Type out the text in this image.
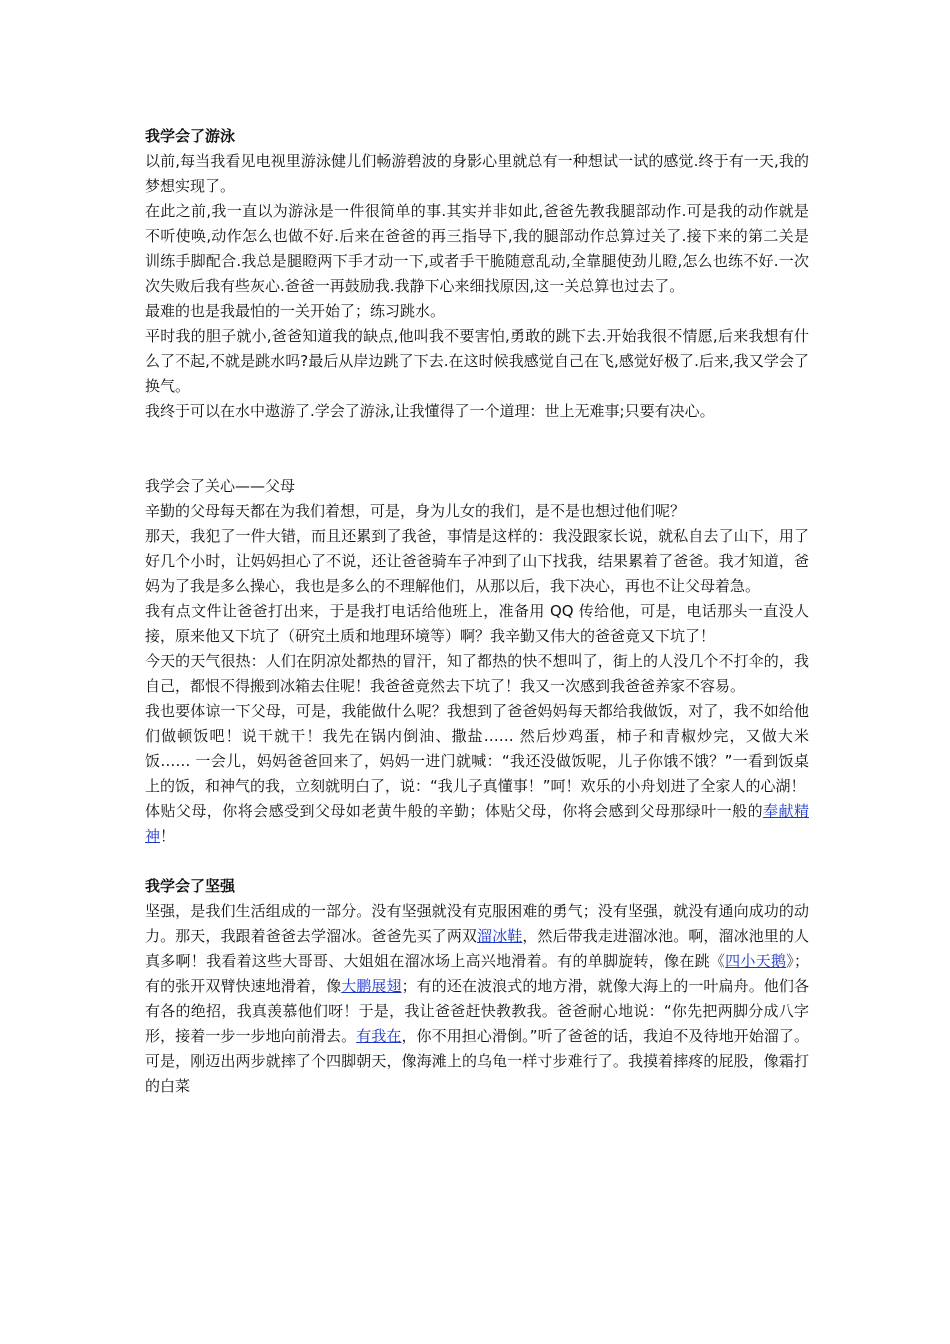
我学会了游泳

以前,每当我看见电视里游泳健儿们畅游碧波的身影心里就总有一种想试一试的感觉.终于有一天,我的梦想实现了。

在此之前,我一直以为游泳是一件很简单的事.其实并非如此,爸爸先教我腿部动作.可是我的动作就是不听使唤,动作怎么也做不好.后来在爸爸的再三指导下,我的腿部动作总算过关了.接下来的第二关是训练手脚配合.我总是腿瞪两下手才动一下,或者手干脆随意乱动,全靠腿使劲儿瞪,怎么也练不好.一次次失败后我有些灰心.爸爸一再鼓励我.我静下心来细找原因,这一关总算也过去了。

最难的也是我最怕的一关开始了；练习跳水。

平时我的胆子就小,爸爸知道我的缺点,他叫我不要害怕,勇敢的跳下去.开始我很不情愿,后来我想有什么了不起,不就是跳水吗?最后从岸边跳了下去.在这时候我感觉自己在飞,感觉好极了.后来,我又学会了换气。

我终于可以在水中遨游了.学会了游泳,让我懂得了一个道理：世上无难事;只要有决心。

我学会了关心——父母

辛勤的父母每天都在为我们着想，可是，身为儿女的我们，是不是也想过他们呢？

那天，我犯了一件大错，而且还累到了我爸，事情是这样的：我没跟家长说，就私自去了山下，用了好几个小时，让妈妈担心了不说，还让爸爸骑车子冲到了山下找我，结果累着了爸爸。我才知道，爸妈为了我是多么操心，我也是多么的不理解他们，从那以后，我下决心，再也不让父母着急。

我有点文件让爸爸打出来，于是我打电话给他班上，准备用 QQ 传给他，可是，电话那头一直没人接，原来他又下坑了（研究土质和地理环境等）啊？我辛勤又伟大的爸爸竟又下坑了！

今天的天气很热：人们在阴凉处都热的冒汗，知了都热的快不想叫了，街上的人没几个不打伞的，我自己，都恨不得搬到冰箱去住呢！我爸爸竟然去下坑了！我又一次感到我爸爸养家不容易。

我也要体谅一下父母，可是，我能做什么呢？我想到了爸爸妈妈每天都给我做饭，对了，我不如给他们做顿饭吧！说干就干！我先在锅内倒油、撒盐…… 然后炒鸡蛋，柿子和青椒炒完，又做大米饭…… 一会儿，妈妈爸爸回来了，妈妈一进门就喊：“我还没做饭呢，儿子你饿不饿？”一看到饭桌上的饭，和神气的我，立刻就明白了，说：“我儿子真懂事！”呵！欢乐的小舟划进了全家人的心湖！

体贴父母，你将会感受到父母如老黄牛般的辛勤；体贴父母，你将会感到父母那绿叶一般的奉献精神！

我学会了坚强

坚强，是我们生活组成的一部分。没有坚强就没有克服困难的勇气；没有坚强，就没有通向成功的动力。那天，我跟着爸爸去学溜冰。爸爸先买了两双溜冰鞋，然后带我走进溜冰池。啊，溜冰池里的人真多啊！我看着这些大哥哥、大姐姐在溜冰场上高兴地滑着。有的单脚旋转，像在跳《四小天鹅》；有的张开双臂快速地滑着，像大鹏展翅；有的还在波浪式的地方滑，就像大海上的一叶扁舟。他们各有各的绝招，我真羡慕他们呀！于是，我让爸爸赶快教教我。爸爸耐心地说：“你先把两脚分成八字形，接着一步一步地向前滑去。有我在，你不用担心滑倒。”听了爸爸的话，我迫不及待地开始溜了。可是，刚迈出两步就摔了个四脚朝天，像海滩上的乌龟一样寸步难行了。我摸着摔疼的屁股，像霜打的白菜
